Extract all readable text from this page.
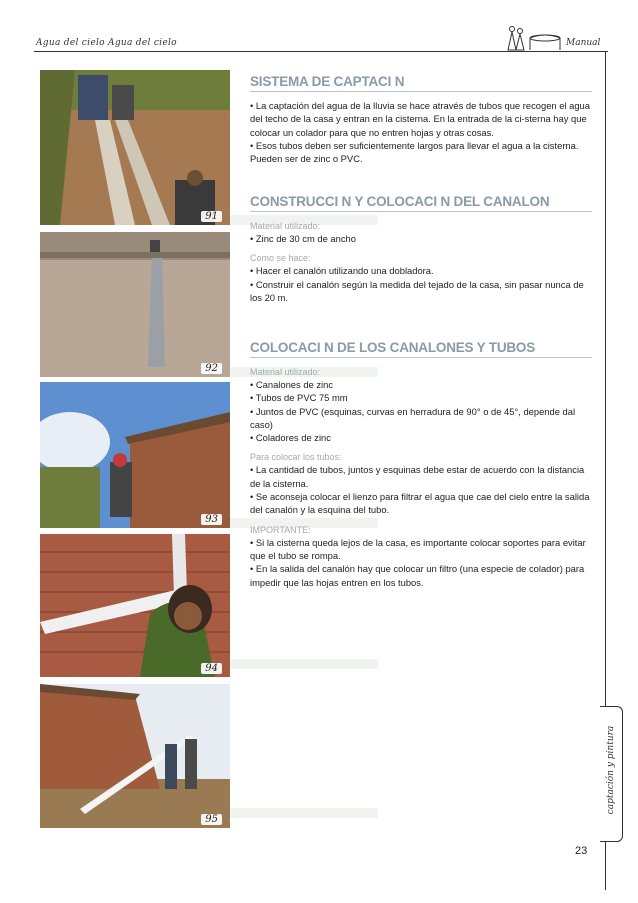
Agua del cielo Agua del cielo	Manual
captación y pintura
23
91
92
93
94
95
SISTEMA DE CAPTACI N

• La captación del agua de la lluvia se hace através de tubos que recogen el agua del techo de la casa y entran en la cisterna. En la entrada de la ci-sterna hay que colocar un colador para que no entren hojas y otras cosas.

• Esos tubos deben ser suficientemente largos para llevar el agua a la cisterna. Pueden ser de zinc o PVC.

CONSTRUCCI N Y COLOCACI N DEL CANALON
Material utilizado:

• Zinc de 30 cm de ancho

Como se hace:

• Hacer el canalón utilizando una dobladora.

• Construir el canalón según la medida del tejado de la casa, sin pasar nunca de los 20 m.

COLOCACI N DE LOS CANALONES Y TUBOS
Material utilizado:

• Canalones de zinc

• Tubos de PVC 75 mm

• Juntos de PVC (esquinas, curvas en herradura de 90° o de 45°, depende dal caso)

• Coladores de zinc

Para colocar los tubos:

• La cantidad de tubos, juntos y esquinas debe estar de acuerdo con la distancia de la cisterna.

• Se aconseja colocar el lienzo para filtrar el agua que cae del cielo entre la salida del canalón y la esquina del tubo.

IMPORTANTE:

• Si la cisterna queda lejos de la casa, es importante colocar soportes para evitar que el tubo se rompa.

• En la salida del canalón hay que colocar un filtro (una especie de colador) para impedir que las hojas entren en los tubos.
